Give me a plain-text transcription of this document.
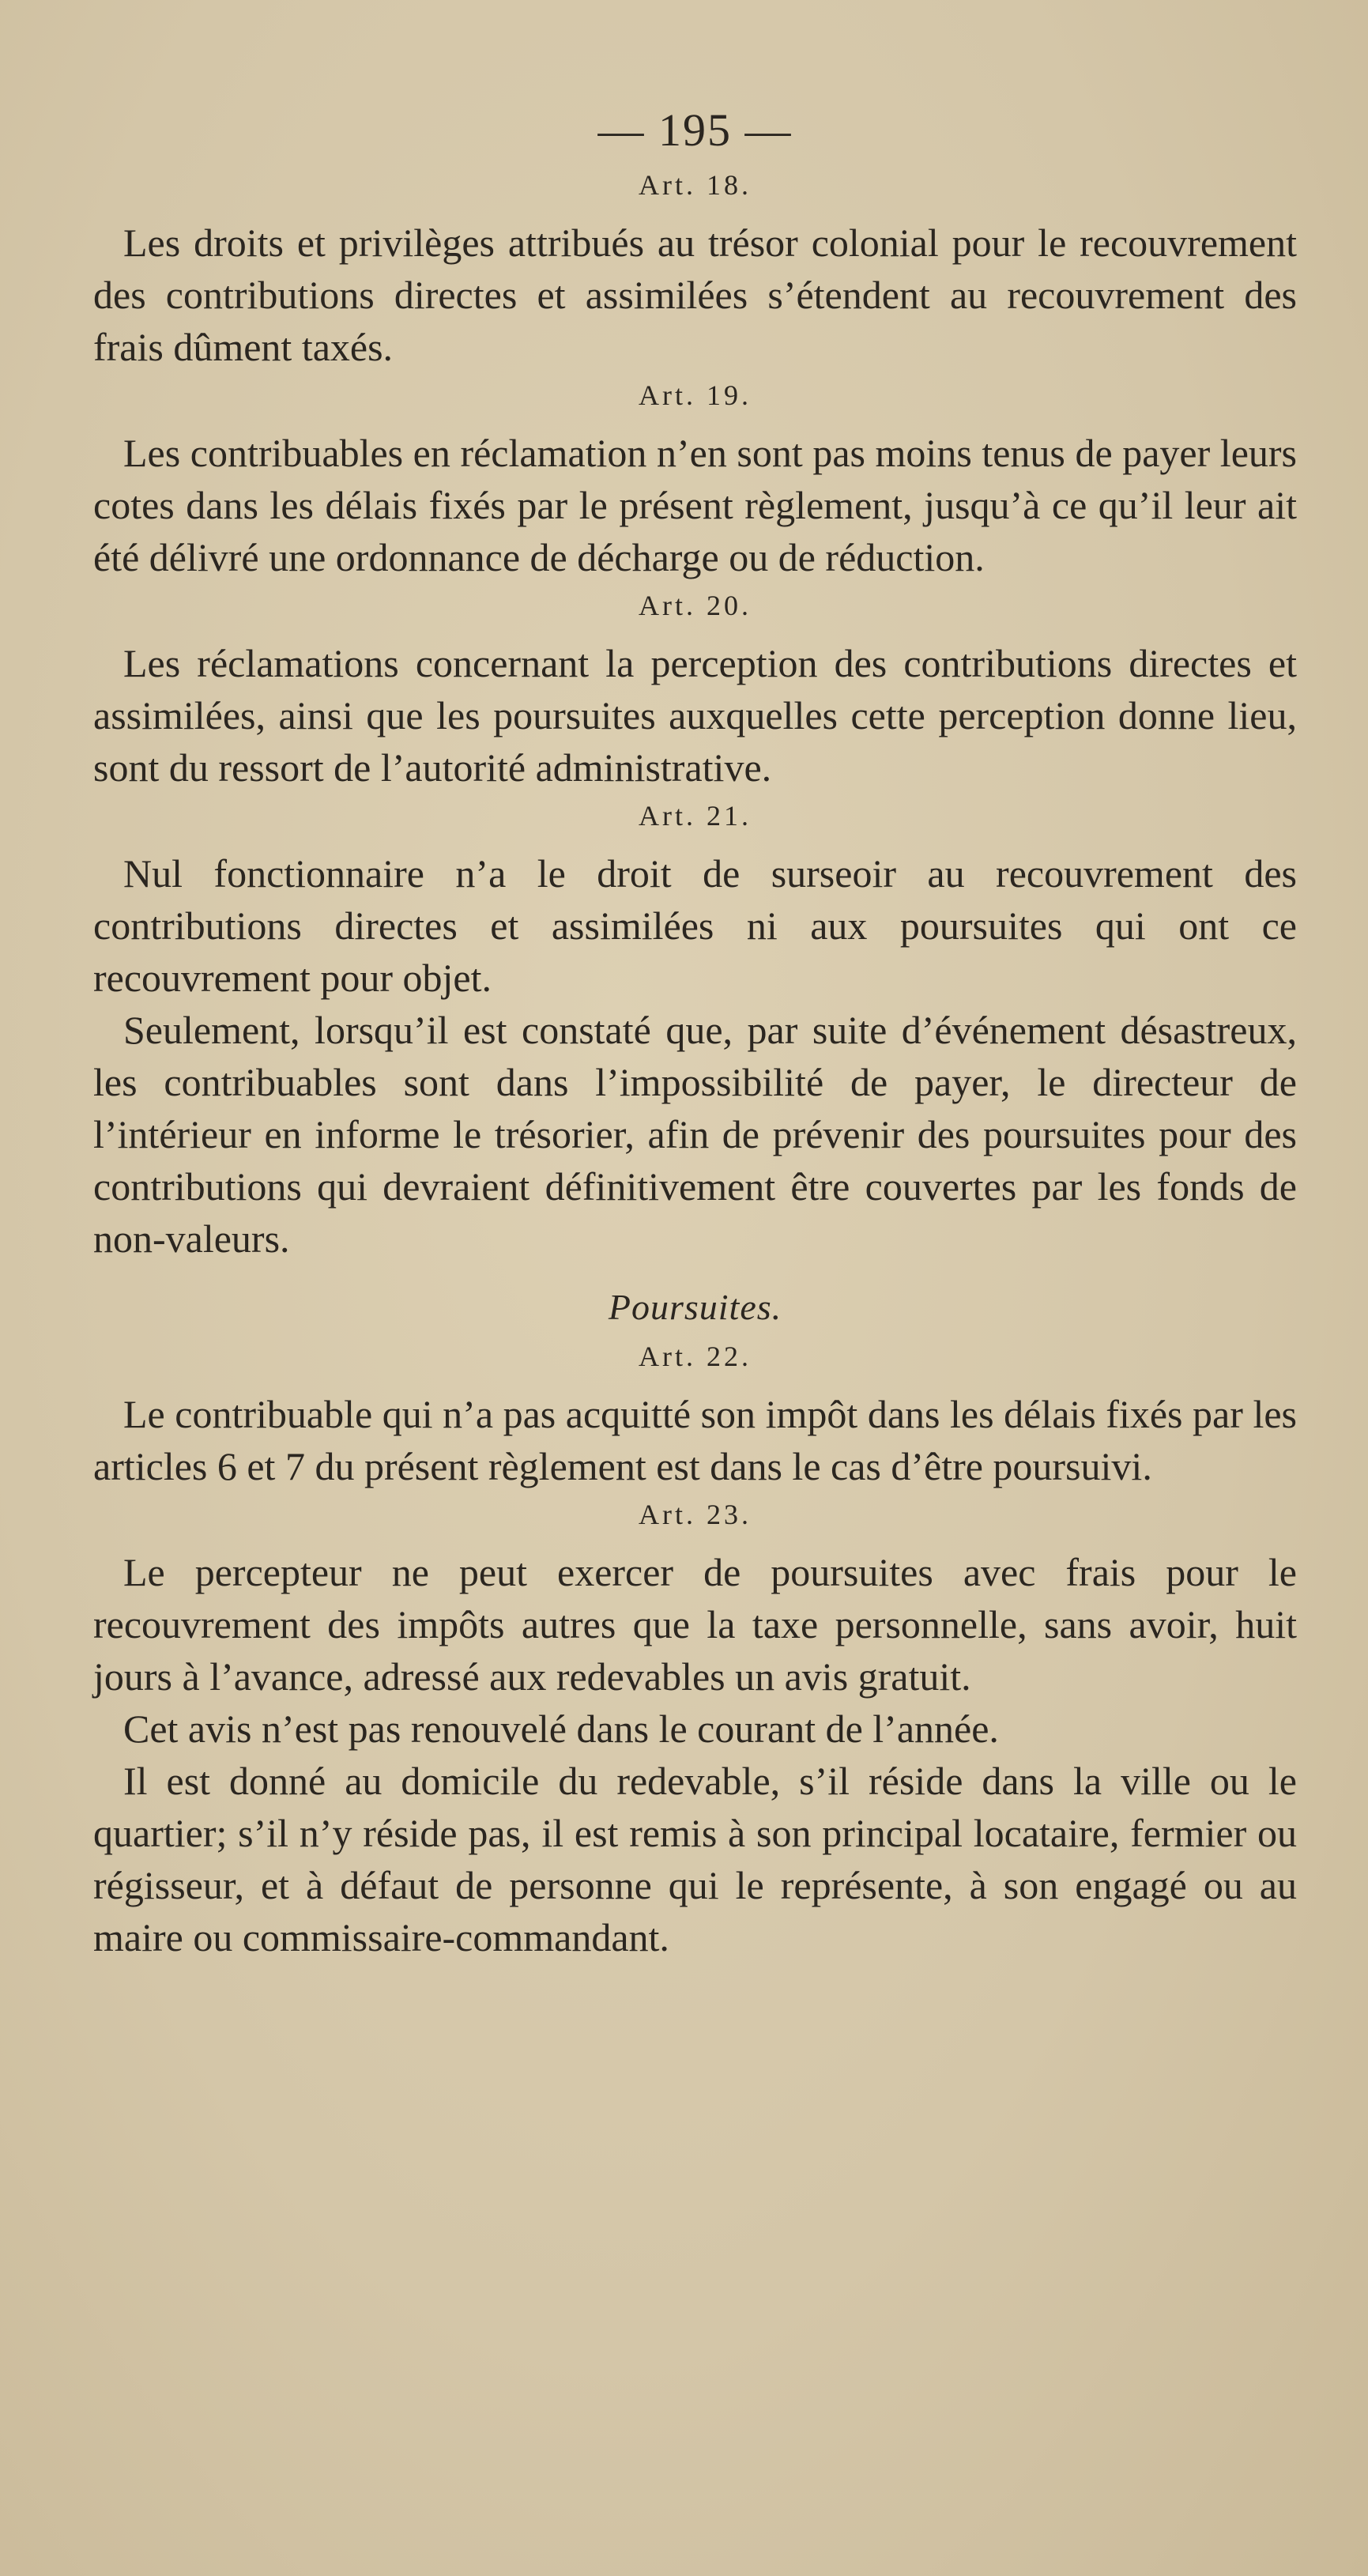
— 195 —
Art. 18.

Les droits et privilèges attribués au trésor colonial pour le recouvrement des contributions directes et assimilées s’étendent au recouvrement des frais dûment taxés.

Art. 19.

Les contribuables en réclamation n’en sont pas moins tenus de payer leurs cotes dans les délais fixés par le présent règlement, jusqu’à ce qu’il leur ait été délivré une ordonnance de décharge ou de réduction.

Art. 20.

Les réclamations concernant la perception des contributions directes et assimilées, ainsi que les poursuites auxquelles cette perception donne lieu, sont du ressort de l’autorité administrative.

Art. 21.

Nul fonctionnaire n’a le droit de surseoir au recouvrement des contributions directes et assimilées ni aux poursuites qui ont ce recouvrement pour objet.

Seulement, lorsqu’il est constaté que, par suite d’événement désastreux, les contribuables sont dans l’impossibilité de payer, le directeur de l’intérieur en informe le trésorier, afin de prévenir des poursuites pour des contributions qui devraient définitivement être couvertes par les fonds de non-valeurs.

Poursuites.
Art. 22.

Le contribuable qui n’a pas acquitté son impôt dans les délais fixés par les articles 6 et 7 du présent règlement est dans le cas d’être poursuivi.

Art. 23.

Le percepteur ne peut exercer de poursuites avec frais pour le recouvrement des impôts autres que la taxe personnelle, sans avoir, huit jours à l’avance, adressé aux redevables un avis gratuit.

Cet avis n’est pas renouvelé dans le courant de l’année.

Il est donné au domicile du redevable, s’il réside dans la ville ou le quartier; s’il n’y réside pas, il est remis à son principal locataire, fermier ou régisseur, et à défaut de personne qui le représente, à son engagé ou au maire ou commissaire-commandant.
